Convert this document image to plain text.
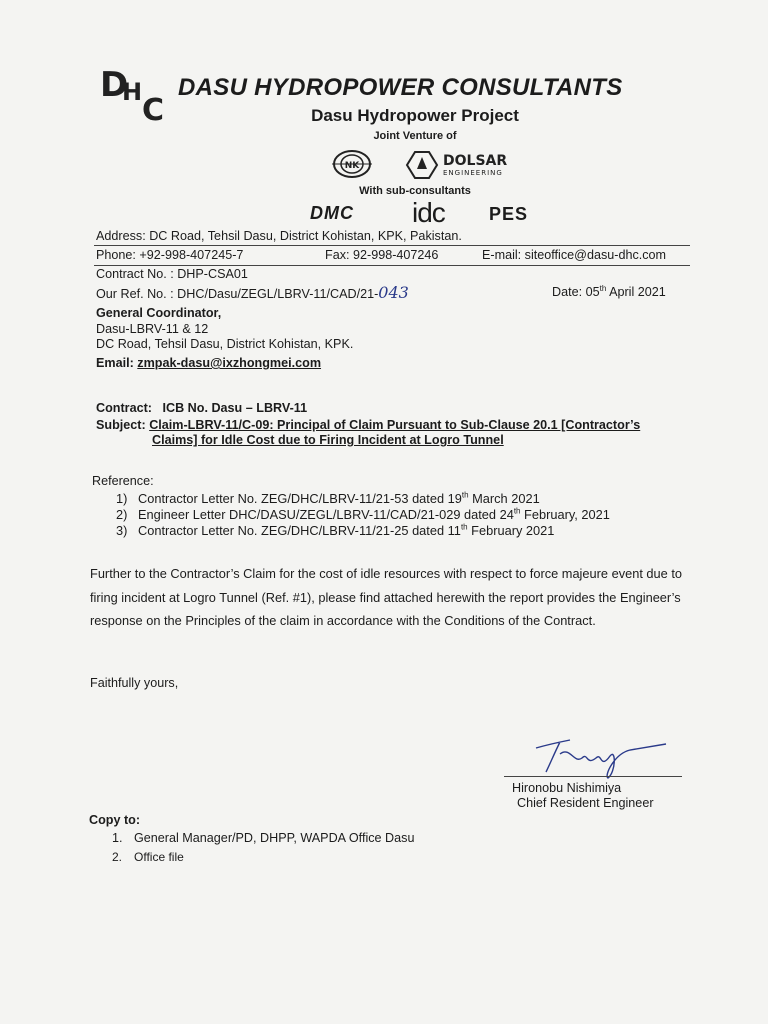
D
H
C
DASU HYDROPOWER CONSULTANTS
Dasu Hydropower Project
Joint Venture of
NK	DOLSAR
ENGINEERING
With sub-consultants
DMC idc PES
Address: DC Road, Tehsil Dasu, District Kohistan, KPK, Pakistan.
Phone: +92-998-407245-7	Fax: 92-998-407246	E-mail: siteoffice@dasu-dhc.com
Contract No. : DHP-CSA01
Our Ref. No. : DHC/Dasu/ZEGL/LBRV-11/CAD/21-043	Date: 05th April 2021
General Coordinator,
Dasu-LBRV-11 & 12
DC Road, Tehsil Dasu, District Kohistan, KPK.
Email: zmpak-dasu@ixzhongmei.com
Contract: ICB No. Dasu – LBRV-11
Subject: Claim-LBRV-11/C-09: Principal of Claim Pursuant to Sub-Clause 20.1 [Contractor’s
Claims] for Idle Cost due to Firing Incident at Logro Tunnel
Reference:
1) Contractor Letter No. ZEG/DHC/LBRV-11/21-53 dated 19th March 2021
2) Engineer Letter DHC/DASU/ZEGL/LBRV-11/CAD/21-029 dated 24th February, 2021
3) Contractor Letter No. ZEG/DHC/LBRV-11/21-25 dated 11th February 2021
Further to the Contractor’s Claim for the cost of idle resources with respect to force majeure event due to firing incident at Logro Tunnel (Ref. #1), please find attached herewith the report provides the Engineer’s response on the Principles of the claim in accordance with the Conditions of the Contract.
Faithfully yours,
Hironobu Nishimiya
Chief Resident Engineer
Copy to:
1. General Manager/PD, DHPP, WAPDA Office Dasu
2. Office file
